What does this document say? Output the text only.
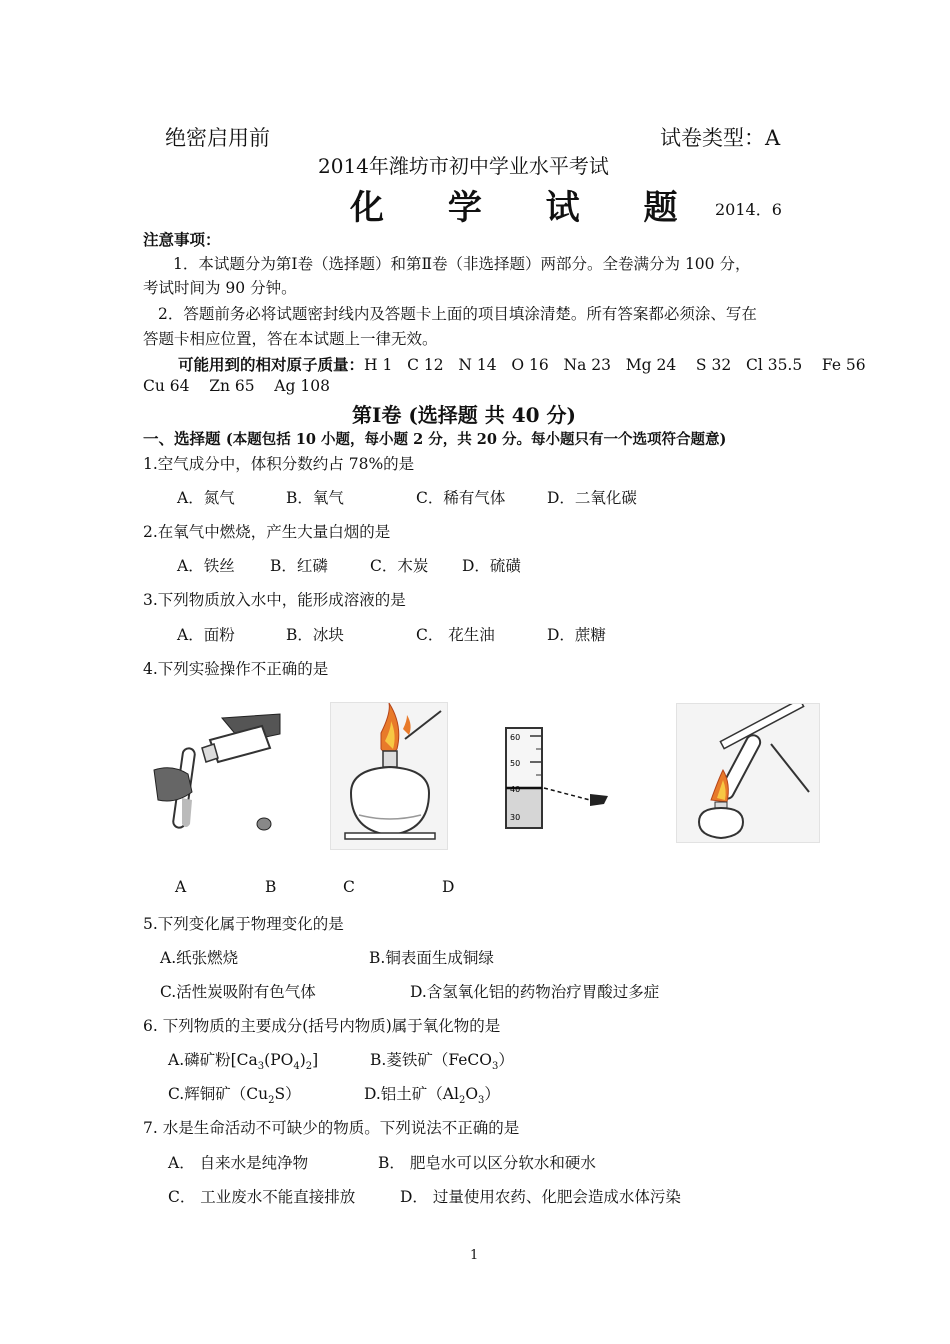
绝密启用前	试卷类型：A
2014年潍坊市初中学业水平考试
化 学 试 题 2014．6
注意事项：
1．本试题分为第Ⅰ卷（选择题）和第Ⅱ卷（非选择题）两部分。全卷满分为 100 分，
考试时间为 90 分钟。
2．答题前务必将试题密封线内及答题卡上面的项目填涂清楚。所有答案都必须涂、写在
答题卡相应位置，答在本试题上一律无效。
可能用到的相对原子质量：H 1   C 12   N 14   O 16   Na 23   Mg 24    S 32   Cl 35.5    Fe 56
Cu 64    Zn 65    Ag 108
第Ⅰ卷 (选择题 共 40 分)
一、选择题 (本题包括 10 小题，每小题 2 分，共 20 分。每小题只有一个选项符合题意)
1.空气成分中，体积分数约占 78%的是
A．氮气	B．氧气	C．稀有气体	D．二氧化碳
2.在氧气中燃烧，产生大量白烟的是
A．铁丝 B．红磷	C．木炭 D．硫磺
3.下列物质放入水中，能形成溶液的是
A．面粉	B．冰块	C． 花生油	D．蔗糖
4.下列实验操作不正确的是
60
50
40
30
A	B	C	D
5.下列变化属于物理变化的是
A.纸张燃烧	B.铜表面生成铜绿
C.活性炭吸附有色气体	D.含氢氧化铝的药物治疗胃酸过多症
6. 下列物质的主要成分(括号内物质)属于氧化物的是
A.磷矿粉$[Ca_3(PO_4)_2]$	B.菱铁矿（FeCO$_3$）
C.辉铜矿$(Cu_2S)$	D.铝土矿$(Al_2O_3)$
7. 水是生命活动不可缺少的物质。下列说法不正确的是
A． 自来水是纯净物	B． 肥皂水可以区分软水和硬水
C． 工业废水不能直接排放	D． 过量使用农药、化肥会造成水体污染
1
